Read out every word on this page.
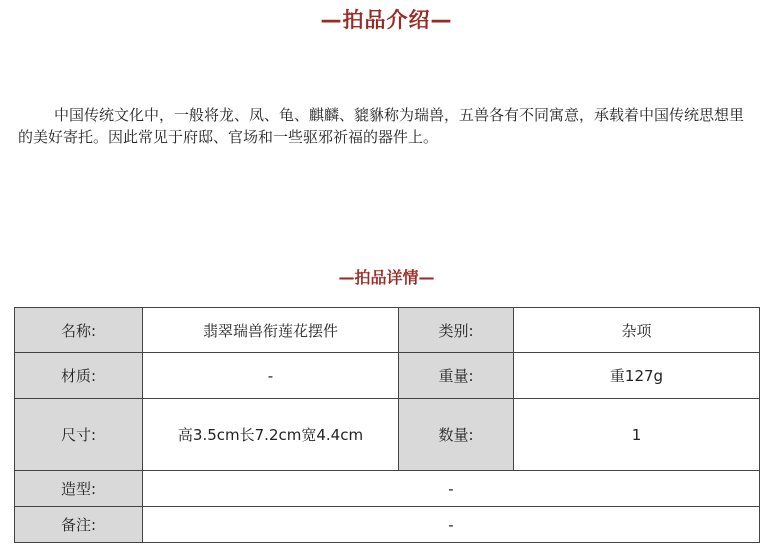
—拍品介绍—
中国传统文化中，一般将龙、凤、龟、麒麟、貔貅称为瑞兽，五兽各有不同寓意，承载着中国传统思想里的美好寄托。因此常见于府邸、官场和一些驱邪祈福的器件上。
—拍品详情—
名称:	翡翠瑞兽衔莲花摆件	类别:	杂项
材质:	-	重量:	重127g
尺寸:	高3.5cm长7.2cm宽4.4cm	数量:	1
造型:	-		
备注:	-		
